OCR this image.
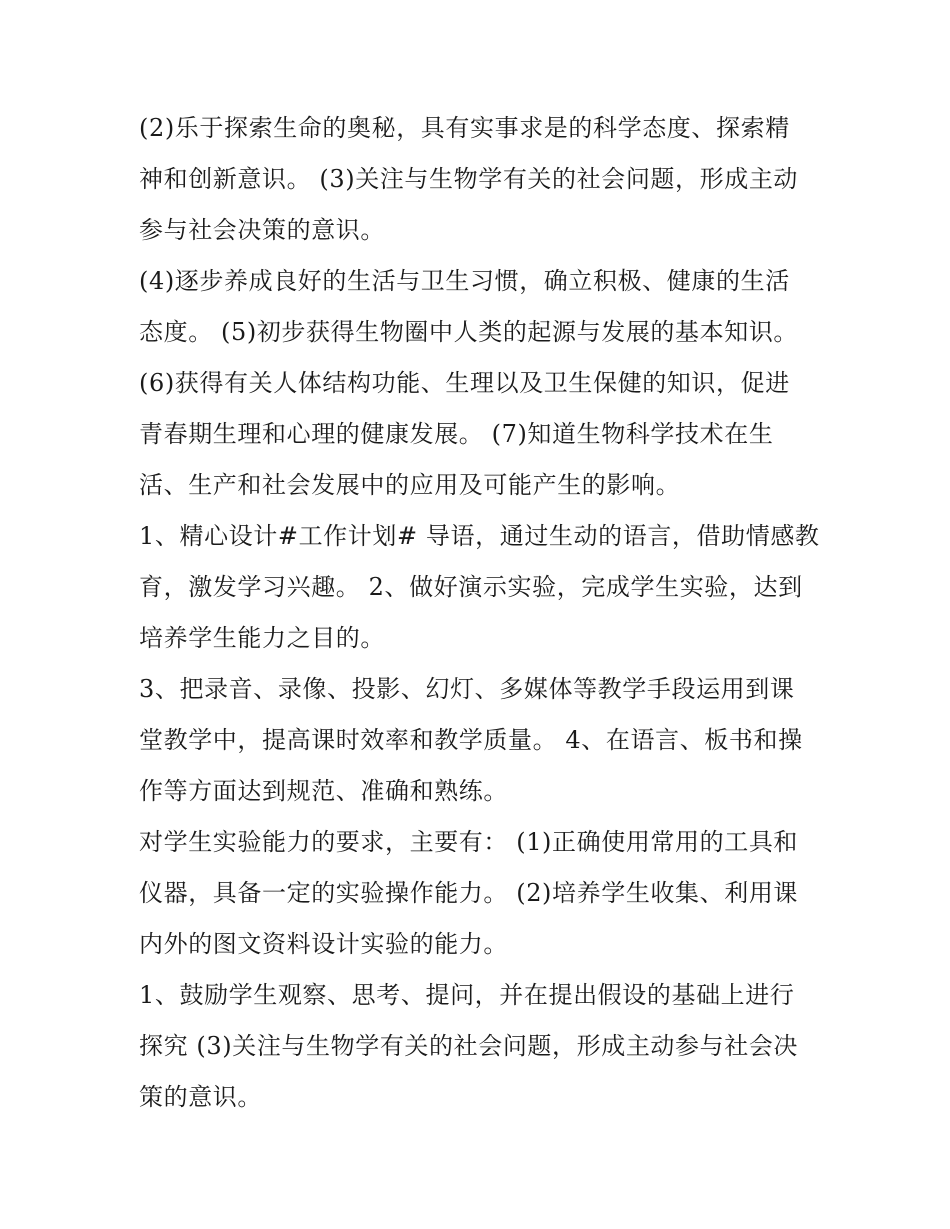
(2)乐于探索生命的奥秘，具有实事求是的科学态度、探索精
神和创新意识。 (3)关注与生物学有关的社会问题，形成主动
参与社会决策的意识。

(4)逐步养成良好的生活与卫生习惯，确立积极、健康的生活
态度。 (5)初步获得生物圈中人类的起源与发展的基本知识。

(6)获得有关人体结构功能、生理以及卫生保健的知识，促进
青春期生理和心理的健康发展。 (7)知道生物科学技术在生
活、生产和社会发展中的应用及可能产生的影响。

1、精心设计#工作计划# 导语，通过生动的语言，借助情感教
育，激发学习兴趣。 2、做好演示实验，完成学生实验，达到
培养学生能力之目的。

3、把录音、录像、投影、幻灯、多媒体等教学手段运用到课
堂教学中，提高课时效率和教学质量。 4、在语言、板书和操
作等方面达到规范、准确和熟练。

对学生实验能力的要求，主要有： (1)正确使用常用的工具和
仪器，具备一定的实验操作能力。 (2)培养学生收集、利用课
内外的图文资料设计实验的能力。

1、鼓励学生观察、思考、提问，并在提出假设的基础上进行
探究 (3)关注与生物学有关的社会问题，形成主动参与社会决
策的意识。
